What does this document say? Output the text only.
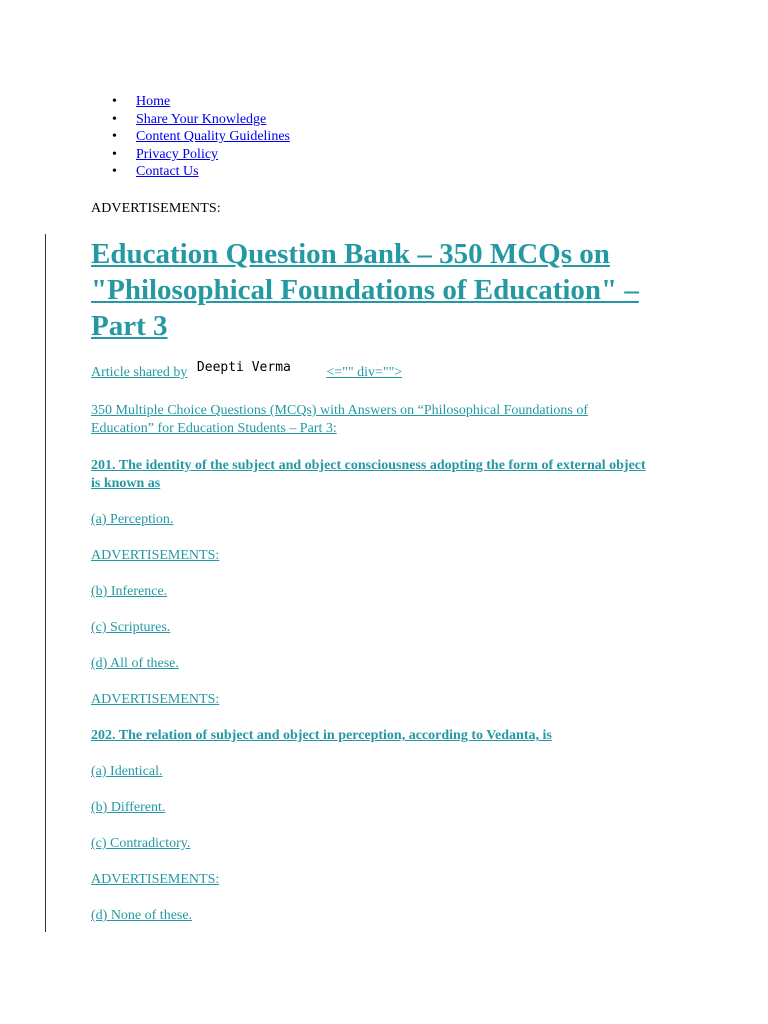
• Home
• Share Your Knowledge
• Content Quality Guidelines
• Privacy Policy
• Contact Us
ADVERTISEMENTS:
Education Question Bank – 350 MCQs on "Philosophical Foundations of Education" – Part 3
Article shared by Deepti Verma	<="" div="">
350 Multiple Choice Questions (MCQs) with Answers on “Philosophical Foundations of Education” for Education Students – Part 3:
201. The identity of the subject and object consciousness adopting the form of external object is known as
(a) Perception.
ADVERTISEMENTS:
(b) Inference.
(c) Scriptures.
(d) All of these.
ADVERTISEMENTS:
202. The relation of subject and object in perception, according to Vedanta, is
(a) Identical.
(b) Different.
(c) Contradictory.
ADVERTISEMENTS:
(d) None of these.
